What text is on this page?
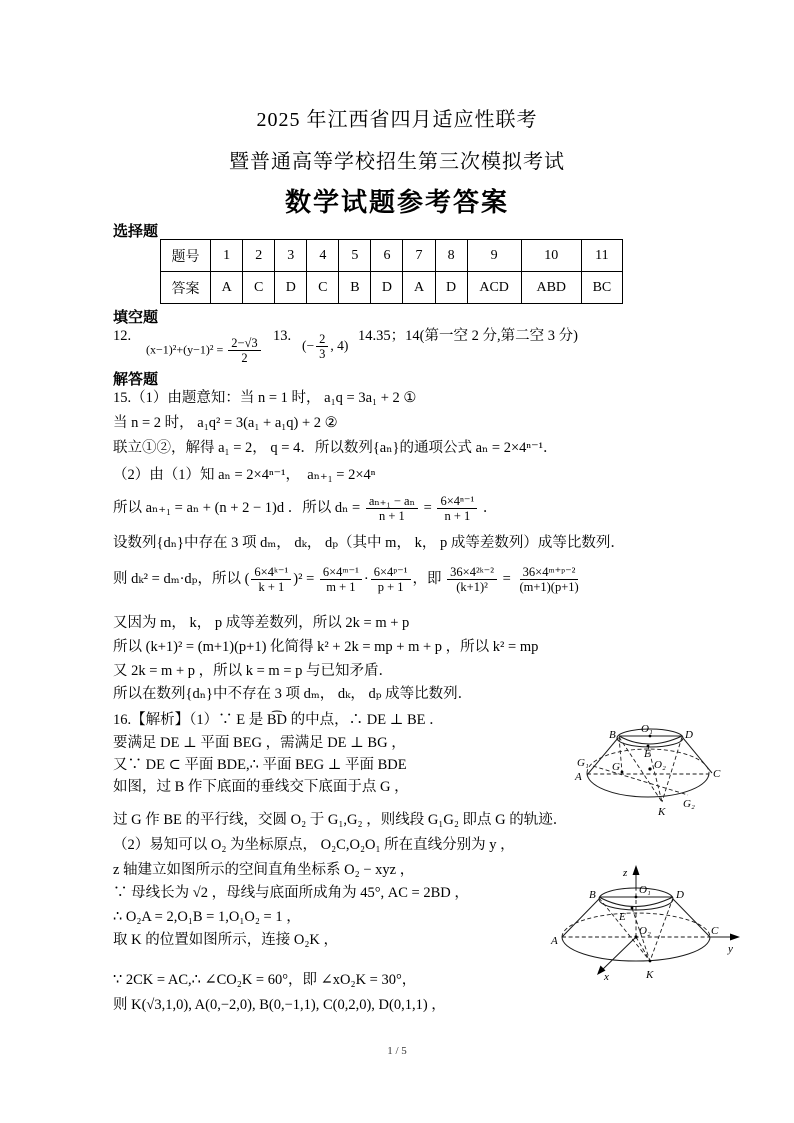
2025 年江西省四月适应性联考
暨普通高等学校招生第三次模拟考试
数学试题参考答案
选择题
题号	1	2	3	4	5	6	7	8	9	10	11
答案	A	C	D	C	B	D	A	D	ACD	ABD	BC
填空题
12.
$(x-1)^2+(y-1)^2 = \frac{2-√3}{2} 13$.
(− $\frac{2}{3}$ , 4)
14.35；14(第一空 2 分,第二空 3 分)
解答题
15.（1）由题意知：当 n = 1 时， a₁q = 3a₁ + 2 ①
当 n = 2 时， a₁q² = 3(a₁ + a₁q) + 2 ②
联立①②，解得 a₁ = 2， q = 4．所以数列{aₙ}的通项公式 aₙ = 2×4ⁿ⁻¹．
（2）由（1）知 aₙ = 2×4ⁿ⁻¹，　aₙ₊₁ = 2×4ⁿ
所以 aₙ₊₁ = aₙ + (n + 2 − 1)d ．所以 $d_n = \frac{\text{aₙ₊₁ − aₙ}}{n + 1} = \frac{\text{6×4ⁿ⁻¹}}{n + 1}$ ．
设数列{dₙ}中存在 3 项 dₘ， dₖ， dₚ（其中 m， k， p 成等差数列）成等比数列．
则 dₖ² = dₘ·dₚ，所以 ( $\frac{\text{6×4ᵏ⁻¹}}{k + 1} )^2 = \frac{\text{6×4ᵐ⁻¹}}{m + 1} \cdot \frac{\text{6×4ᵖ⁻¹}}{p + 1}$ ，即 $\frac{\text{36×4²ᵏ⁻²}}{\text{(k+1)²}} = \frac{\text{36×4ᵐ⁺ᵖ⁻²}}{(m+1)(p+1)}$
又因为 m， k， p 成等差数列，所以 2k = m + p
所以 (k+1)² = (m+1)(p+1) 化简得 k² + 2k = mp + m + p ，所以 k² = mp
又 2k = m + p ，所以 k = m = p 与已知矛盾．
所以在数列{dₙ}中不存在 3 项 dₘ， dₖ， dₚ 成等比数列．
16.【解析】（1）∵ E 是 ⌢ BD 的中点，∴ DE ⊥ BE ．
要满足 DE ⊥ 平面 BEG ，需满足 DE ⊥ BG ，
又∵ DE ⊂ 平面 BDE,∴ 平面 BEG ⊥ 平面 BDE
如图，过 B 作下底面的垂线交下底面于点 G ，
过 G 作 BE 的平行线，交圆 O₂ 于 G₁,G₂ ，则线段 G₁G₂ 即点 G 的轨迹．
（2）易知可以 O₂ 为坐标原点， O₂C,O₂O₁ 所在直线分别为 y ，
z 轴建立如图所示的空间直角坐标系 O₂ − xyz ，
∵ 母线长为 √2 ，母线与底面所成角为 45°, AC = 2BD ，
∴ O₂A = 2,O₁B = 1,O₁O₂ = 1 ，
取 K 的位置如图所示，连接 O₂K ，
∵ 2CK = AC,∴ ∠CO₂K = 60°，即 ∠xO₂K = 30°，
则 K(√3,1,0), A(0,−2,0), B(0,−1,1), C(0,2,0), D(0,1,1) ，
B O₁	D
E
G₁ G	O₂
A	C
K
G₂
z
B	O₁ D
E
A
O₂	C
y
x	K
1 / 5
